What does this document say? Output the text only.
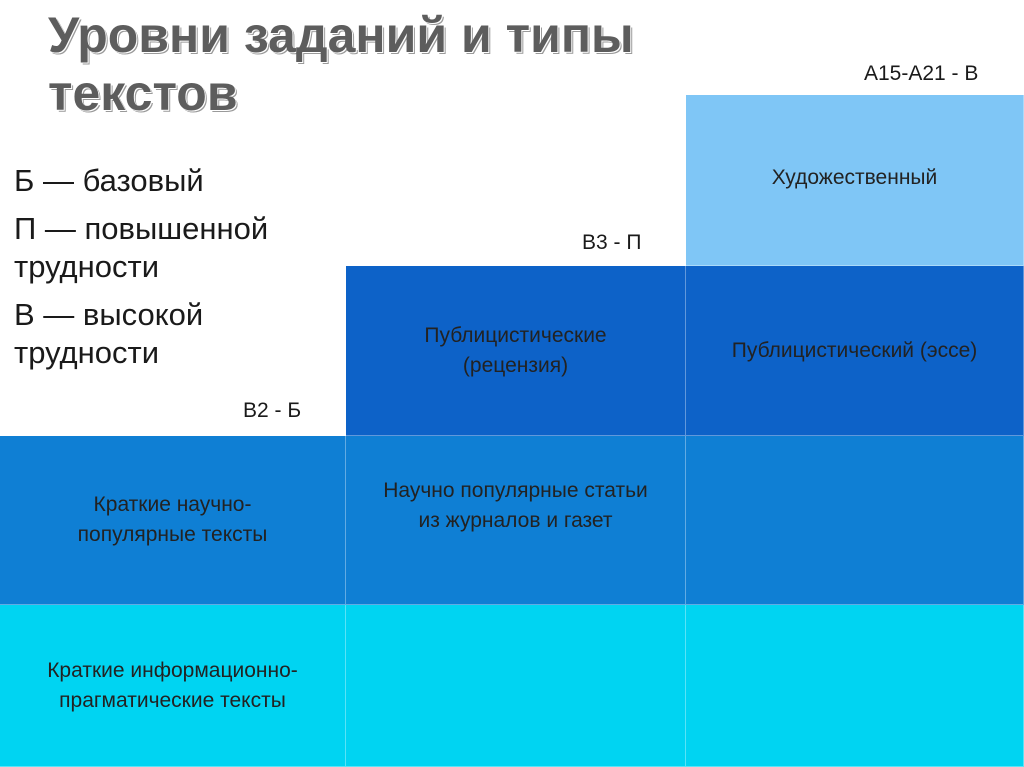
Уровни заданий и типы текстов
Б — базовый
П — повышенной трудности
В — высокой трудности
В2 - Б
В3 - П
А15-А21 - В
Художественный
Публицистические (рецензия)
Публицистический (эссе)
Краткие научно-популярные тексты
Научно популярные статьи из журналов и газет
Краткие информационно-прагматические тексты
